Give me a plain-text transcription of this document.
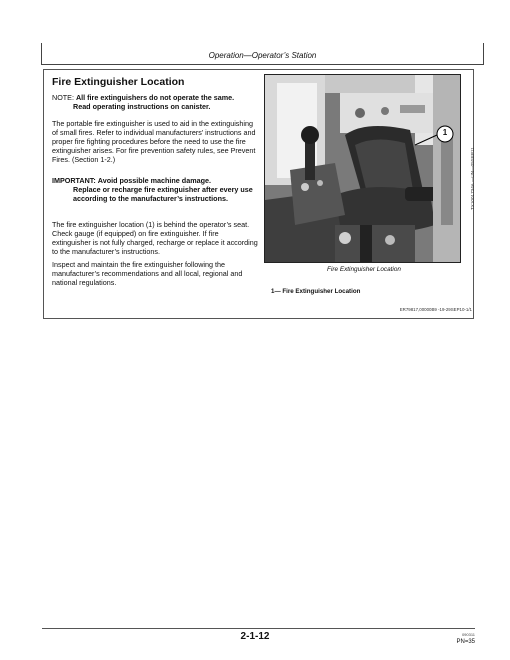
Operation—Operator’s Station
Fire Extinguisher Location

NOTE: All fire extinguishers do not operate the same.

Read operating instructions on canister.

The portable fire extinguisher is used to aid in the extinguishing of small fires. Refer to individual manufacturers’ instructions and proper fire fighting procedures before the need to use the fire extinguisher arises. For fire prevention safety rules, see Prevent Fires. (Section 1-2.)

IMPORTANT: Avoid possible machine damage.

Replace or recharge fire extinguisher after every use according to the manufacturer’s instructions.

The fire extinguisher location (1) is behind the operator’s seat. Check gauge (if equipped) on fire extinguisher. If fire extinguisher is not fully charged, recharge or replace it according to the manufacturer’s instructions.

Inspect and maintain the fire extinguisher following the manufacturer’s recommendations and all local, regional and national regulations.

1
TX1001734A —UN—05SEP11
Fire Extinguisher Location
1— Fire Extinguisher Location
ER79817,00000B9 -19-29SEP10-1/1
2-1-12	090311
PN=35
